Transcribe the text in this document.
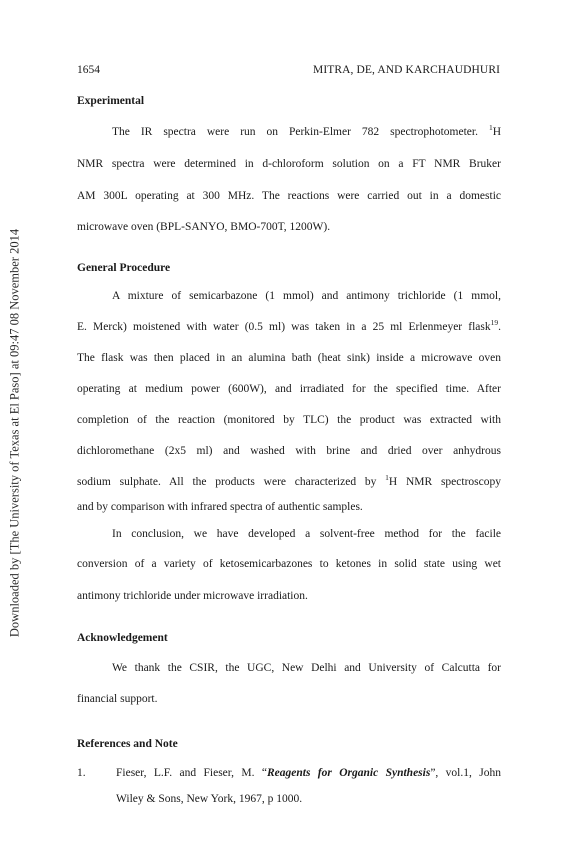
Downloaded by [The University of Texas at El Paso] at 09:47 08 November 2014
1654	MITRA, DE, AND KARCHAUDHURI
Experimental
The IR spectra were run on Perkin-Elmer 782 spectrophotometer. $^1$H
NMR spectra were determined in d-chloroform solution on a FT NMR Bruker
AM 300L operating at 300 MHz. The reactions were carried out in a domestic
microwave oven (BPL-SANYO, BMO-700T, 1200W).
General Procedure
A mixture of semicarbazone (1 mmol) and antimony trichloride (1 mmol,
E. Merck) moistened with water (0.5 ml) was taken in a 25 ml Erlenmeyer flask$^{19}$.
The flask was then placed in an alumina bath (heat sink) inside a microwave oven
operating at medium power (600W), and irradiated for the specified time. After
completion of the reaction (monitored by TLC) the product was extracted with
dichloromethane (2x5 ml) and washed with brine and dried over anhydrous
sodium sulphate. All the products were characterized by $^1$H NMR spectroscopy
and by comparison with infrared spectra of authentic samples.
In conclusion, we have developed a solvent-free method for the facile
conversion of a variety of ketosemicarbazones to ketones in solid state using wet
antimony trichloride under microwave irradiation.
Acknowledgement
We thank the CSIR, the UGC, New Delhi and University of Calcutta for
financial support.
References and Note
1.	Fieser, L.F. and Fieser, M. “Reagents for Organic Synthesis”, vol.1, John
Wiley & Sons, New York, 1967, p 1000.
